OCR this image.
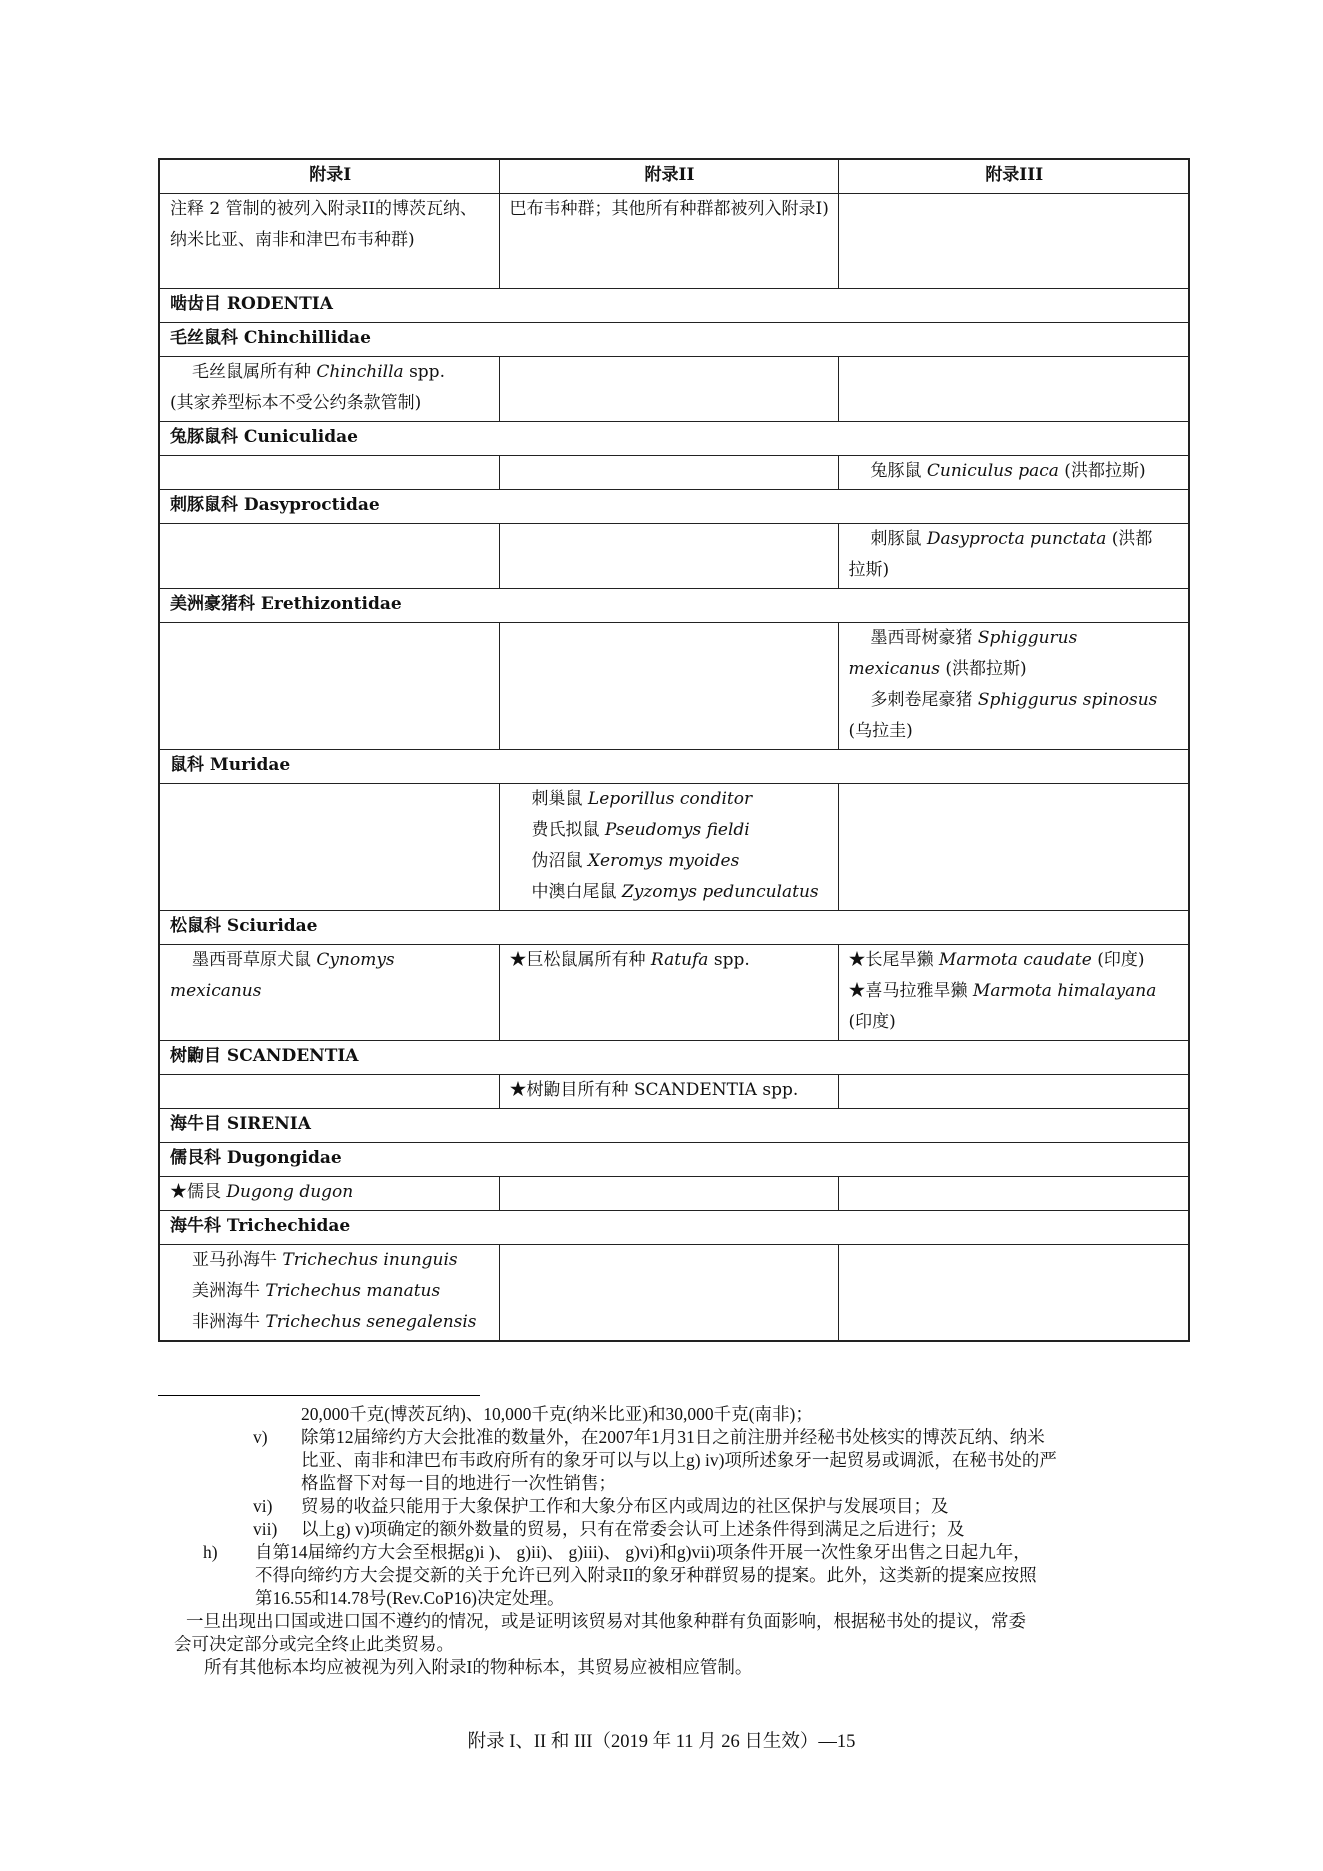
附录I	附录II	附录III
注释 2 管制的被列入附录II的博茨瓦纳、纳米比亚、南非和津巴布韦种群)	巴布韦种群；其他所有种群都被列入附录I)	
啮齿目 RODENTIA		
毛丝鼠科 Chinchillidae		

毛丝鼠属所有种 Chinchilla spp.
(其家养型标本不受公约条款管制)		

兔豚鼠科 Cuniculidae		

		兔豚鼠 Cuniculus paca (洪都拉斯)

刺豚鼠科 Dasyproctidae		

		刺豚鼠 Dasyprocta punctata (洪都
拉斯)

美洲豪猪科 Erethizontidae		

		墨西哥树豪猪 Sphiggurus
mexicanus (洪都拉斯)
多刺卷尾豪猪 Sphiggurus spinosus
(乌拉圭)

鼠科 Muridae		

	刺巢鼠 Leporillus conditor
费氏拟鼠 Pseudomys fieldi
伪沼鼠 Xeromys myoides
中澳白尾鼠 Zyzomys pedunculatus	

松鼠科 Sciuridae		

墨西哥草原犬鼠 Cynomys
mexicanus	★巨松鼠属所有种 Ratufa spp.	★长尾旱獭 Marmota caudate (印度)
★喜马拉雅旱獭 Marmota himalayana
(印度)

树鼩目 SCANDENTIA		
	★树鼩目所有种 SCANDENTIA spp.	
海牛目 SIRENIA		
儒艮科 Dugongidae		

★儒艮 Dugong dugon		

海牛科 Trichechidae		

亚马孙海牛 Trichechus inunguis
美洲海牛 Trichechus manatus
非洲海牛 Trichechus senegalensis		

20,000千克(博茨瓦纳)、10,000千克(纳米比亚)和30,000千克(南非)；
v) 除第12届缔约方大会批准的数量外，在2007年1月31日之前注册并经秘书处核实的博茨瓦纳、纳米
比亚、南非和津巴布韦政府所有的象牙可以与以上g) iv)项所述象牙一起贸易或调派，在秘书处的严
格监督下对每一目的地进行一次性销售；
vi) 贸易的收益只能用于大象保护工作和大象分布区内或周边的社区保护与发展项目；及
vii) 以上g) v)项确定的额外数量的贸易，只有在常委会认可上述条件得到满足之后进行；及
h) 自第14届缔约方大会至根据g)i )、 g)ii)、 g)iii)、 g)vi)和g)vii)项条件开展一次性象牙出售之日起九年，
不得向缔约方大会提交新的关于允许已列入附录II的象牙种群贸易的提案。此外，这类新的提案应按照
第16.55和14.78号(Rev.CoP16)决定处理。
一旦出现出口国或进口国不遵约的情况，或是证明该贸易对其他象种群有负面影响，根据秘书处的提议，常委
会可决定部分或完全终止此类贸易。
所有其他标本均应被视为列入附录I的物种标本，其贸易应被相应管制。
附录 I、II 和 III（2019 年 11 月 26 日生效）—15
